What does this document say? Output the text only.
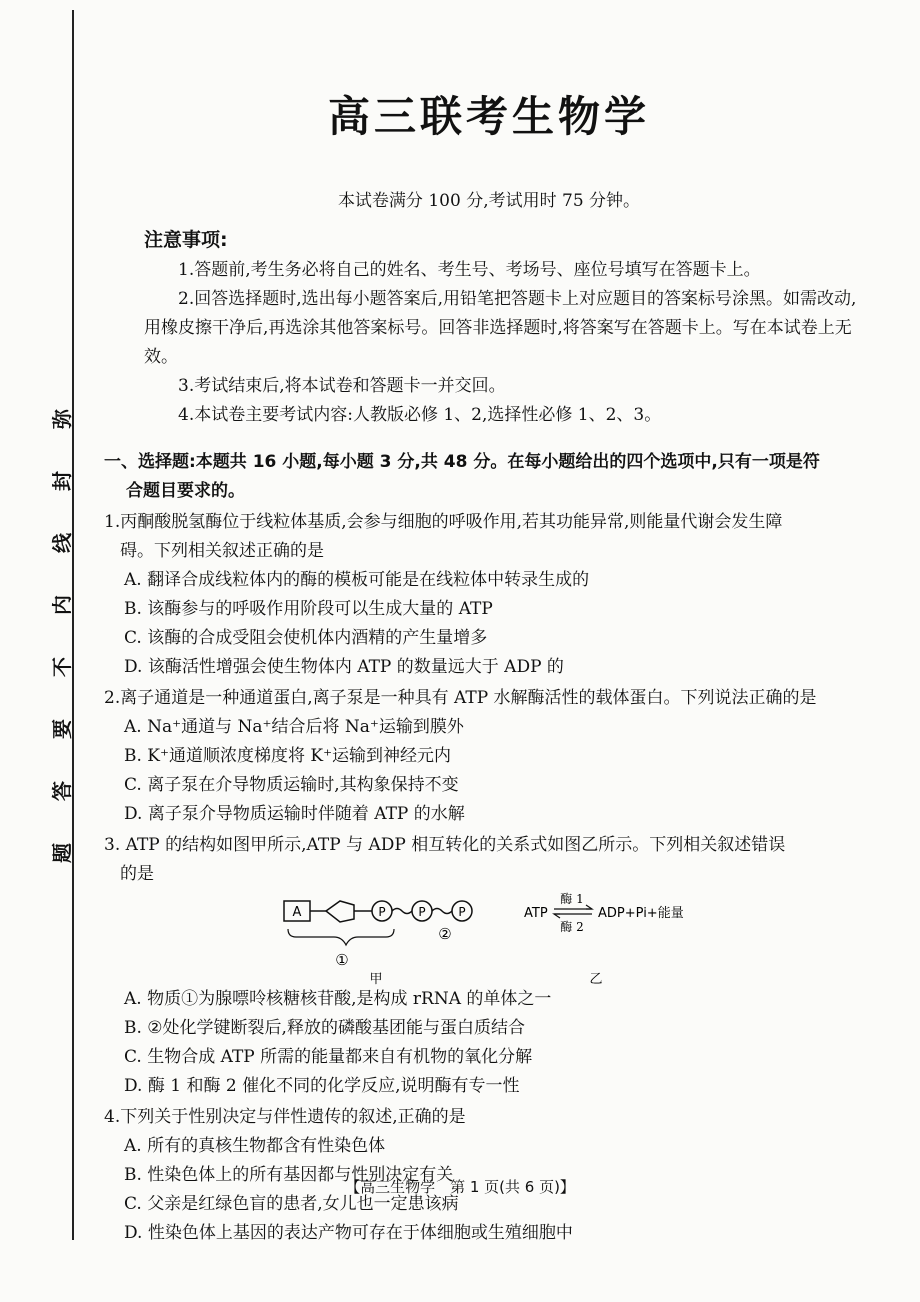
弥
封
线
内
不
要
答
题
高三联考生物学
本试卷满分 100 分,考试用时 75 分钟。
注意事项:

1.答题前,考生务必将自己的姓名、考生号、考场号、座位号填写在答题卡上。

2.回答选择题时,选出每小题答案后,用铅笔把答题卡上对应题目的答案标号涂黑。如需改动,用橡皮擦干净后,再选涂其他答案标号。回答非选择题时,将答案写在答题卡上。写在本试卷上无效。

3.考试结束后,将本试卷和答题卡一并交回。

4.本试卷主要考试内容:人教版必修 1、2,选择性必修 1、2、3。

一、选择题:本题共 16 小题,每小题 3 分,共 48 分。在每小题给出的四个选项中,只有一项是符
合题目要求的。

1.丙酮酸脱氢酶位于线粒体基质,会参与细胞的呼吸作用,若其功能异常,则能量代谢会发生障

碍。下列相关叙述正确的是

A. 翻译合成线粒体内的酶的模板可能是在线粒体中转录生成的

B. 该酶参与的呼吸作用阶段可以生成大量的 ATP

C. 该酶的合成受阻会使机体内酒精的产生量增多

D. 该酶活性增强会使生物体内 ATP 的数量远大于 ADP 的

2.离子通道是一种通道蛋白,离子泵是一种具有 ATP 水解酶活性的载体蛋白。下列说法正确的是

A. Na⁺通道与 Na⁺结合后将 Na⁺运输到膜外

B. K⁺通道顺浓度梯度将 K⁺运输到神经元内

C. 离子泵在介导物质运输时,其构象保持不变

D. 离子泵介导物质运输时伴随着 ATP 的水解

3. ATP 的结构如图甲所示,ATP 与 ADP 相互转化的关系式如图乙所示。下列相关叙述错误

的是

A	P	P	P
①
②
甲
ATP
酶 1
酶 2
ADP+Pi+能量
乙

A. 物质①为腺嘌呤核糖核苷酸,是构成 rRNA 的单体之一

B. ②处化学键断裂后,释放的磷酸基团能与蛋白质结合

C. 生物合成 ATP 所需的能量都来自有机物的氧化分解

D. 酶 1 和酶 2 催化不同的化学反应,说明酶有专一性

4.下列关于性别决定与伴性遗传的叙述,正确的是

A. 所有的真核生物都含有性染色体

B. 性染色体上的所有基因都与性别决定有关

C. 父亲是红绿色盲的患者,女儿也一定患该病

D. 性染色体上基因的表达产物可存在于体细胞或生殖细胞中

【高三生物学　第 1 页(共 6 页)】
